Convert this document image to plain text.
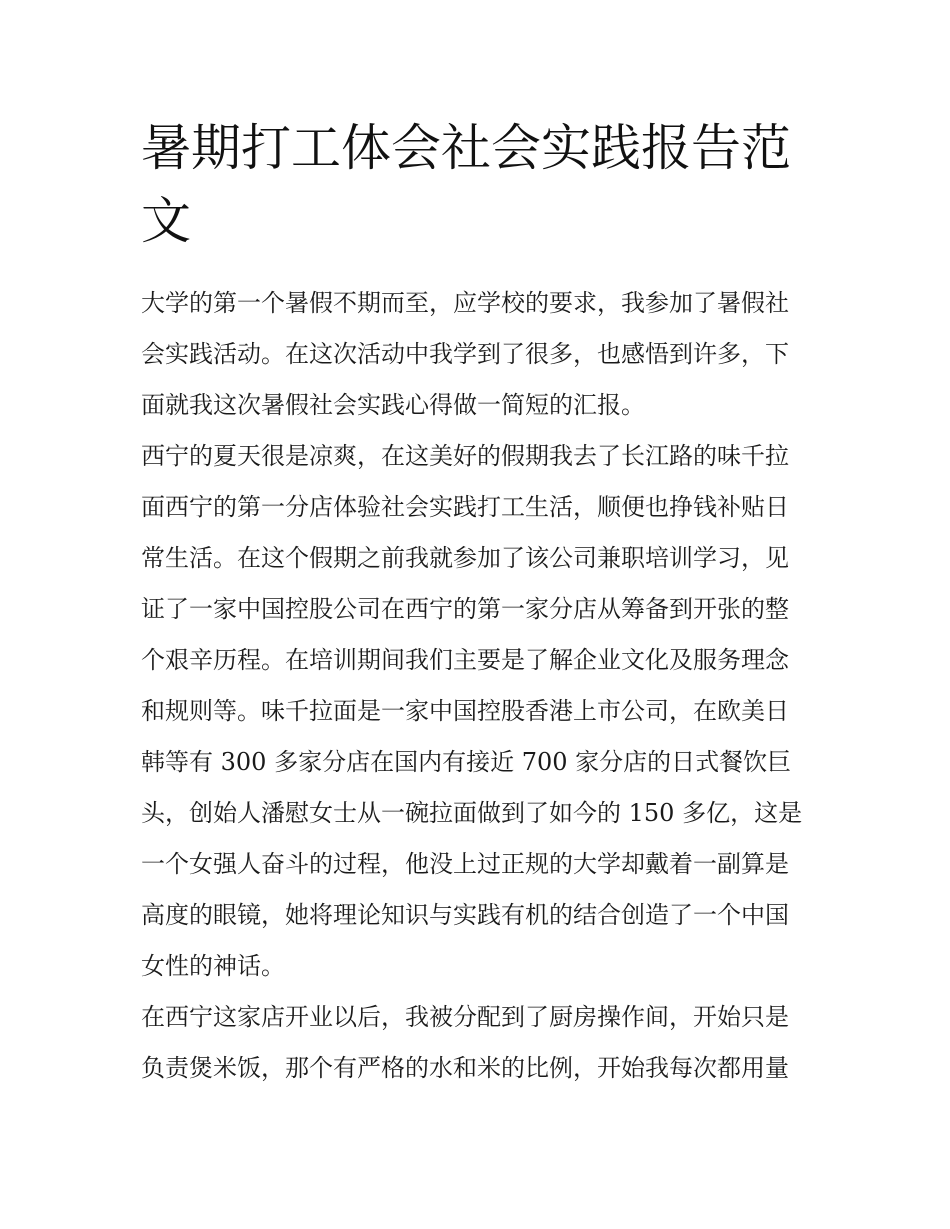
暑期打工体会社会实践报告范文

大学的第一个暑假不期而至，应学校的要求，我参加了暑假社
会实践活动。在这次活动中我学到了很多，也感悟到许多，下
面就我这次暑假社会实践心得做一简短的汇报。

西宁的夏天很是凉爽，在这美好的假期我去了长江路的味千拉
面西宁的第一分店体验社会实践打工生活，顺便也挣钱补贴日
常生活。在这个假期之前我就参加了该公司兼职培训学习，见
证了一家中国控股公司在西宁的第一家分店从筹备到开张的整
个艰辛历程。在培训期间我们主要是了解企业文化及服务理念
和规则等。味千拉面是一家中国控股香港上市公司，在欧美日
韩等有 300 多家分店在国内有接近 700 家分店的日式餐饮巨
头，创始人潘慰女士从一碗拉面做到了如今的 150 多亿，这是
一个女强人奋斗的过程，他没上过正规的大学却戴着一副算是
高度的眼镜，她将理论知识与实践有机的结合创造了一个中国
女性的神话。

在西宁这家店开业以后，我被分配到了厨房操作间，开始只是
负责煲米饭，那个有严格的水和米的比例，开始我每次都用量
